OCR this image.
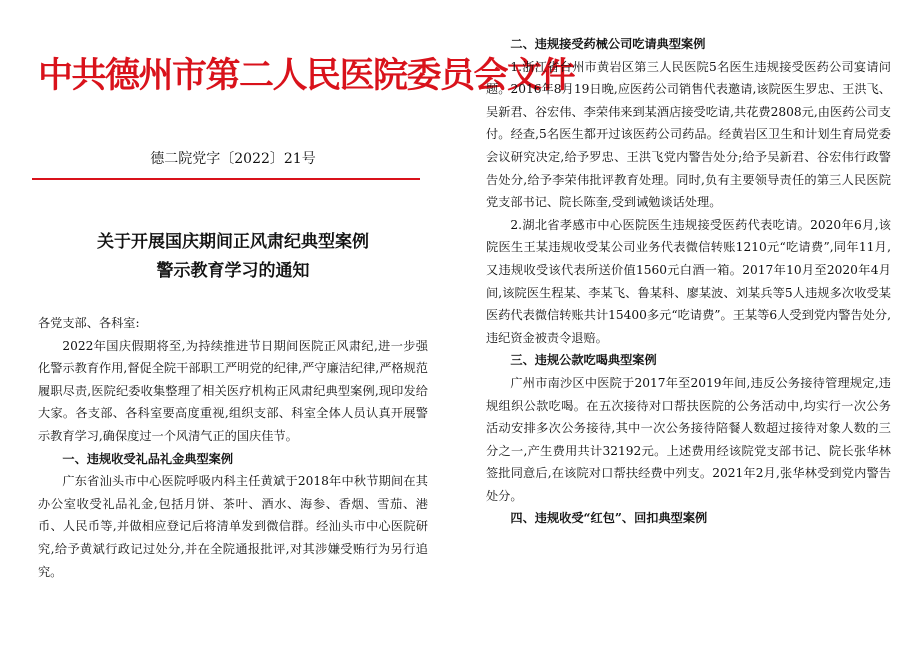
中共德州市第二人民医院委员会文件
德二院党字〔2022〕21号
关于开展国庆期间正风肃纪典型案例
警示教育学习的通知

各党支部、各科室:

2022年国庆假期将至,为持续推进节日期间医院正风肃纪,进一步强化警示教育作用,督促全院干部职工严明党的纪律,严守廉洁纪律,严格规范履职尽责,医院纪委收集整理了相关医疗机构正风肃纪典型案例,现印发给大家。各支部、各科室要高度重视,组织支部、科室全体人员认真开展警示教育学习,确保度过一个风清气正的国庆佳节。

一、违规收受礼品礼金典型案例

广东省汕头市中心医院呼吸内科主任黄斌于2018年中秋节期间在其办公室收受礼品礼金,包括月饼、茶叶、酒水、海参、香烟、雪茄、港币、人民币等,并做相应登记后将清单发到微信群。经汕头市中心医院研究,给予黄斌行政记过处分,并在全院通报批评,对其涉嫌受贿行为另行追究。

二、违规接受药械公司吃请典型案例

1.浙江省台州市黄岩区第三人民医院5名医生违规接受医药公司宴请问题。2016年8月19日晚,应医药公司销售代表邀请,该院医生罗忠、王洪飞、吴新君、谷宏伟、李荣伟来到某酒店接受吃请,共花费2808元,由医药公司支付。经查,5名医生都开过该医药公司药品。经黄岩区卫生和计划生育局党委会议研究决定,给予罗忠、王洪飞党内警告处分;给予吴新君、谷宏伟行政警告处分,给予李荣伟批评教育处理。同时,负有主要领导责任的第三人民医院党支部书记、院长陈奎,受到诫勉谈话处理。

2.湖北省孝感市中心医院医生违规接受医药代表吃请。2020年6月,该院医生王某违规收受某公司业务代表微信转账1210元“吃请费”,同年11月,又违规收受该代表所送价值1560元白酒一箱。2017年10月至2020年4月间,该院医生程某、李某飞、鲁某科、廖某波、刘某兵等5人违规多次收受某医药代表微信转账共计15400多元“吃请费”。王某等6人受到党内警告处分,违纪资金被责令退赔。

三、违规公款吃喝典型案例

广州市南沙区中医院于2017年至2019年间,违反公务接待管理规定,违规组织公款吃喝。在五次接待对口帮扶医院的公务活动中,均实行一次公务活动安排多次公务接待,其中一次公务接待陪餐人数超过接待对象人数的三分之一,产生费用共计32192元。上述费用经该院党支部书记、院长张华林签批同意后,在该院对口帮扶经费中列支。2021年2月,张华林受到党内警告处分。

四、违规收受“红包”、回扣典型案例
